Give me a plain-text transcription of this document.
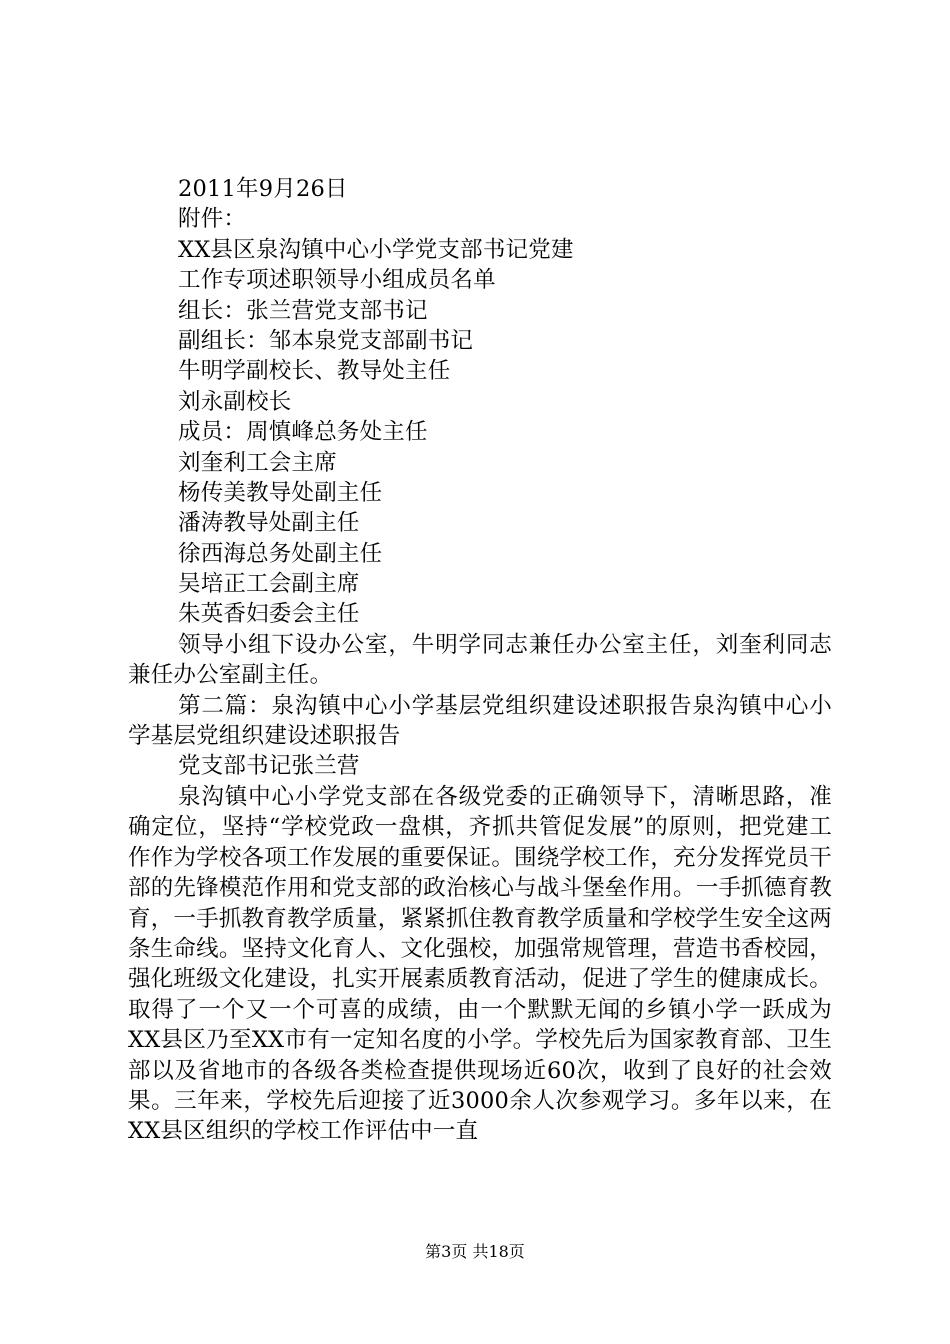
2011年9月26日
附件：
XX县区泉沟镇中心小学党支部书记党建
工作专项述职领导小组成员名单
组长：张兰营党支部书记
副组长：邹本泉党支部副书记
牛明学副校长、教导处主任
刘永副校长
成员：周慎峰总务处主任
刘奎利工会主席
杨传美教导处副主任
潘涛教导处副主任
徐西海总务处副主任
吴培正工会副主席
朱英香妇委会主任
领导小组下设办公室，牛明学同志兼任办公室主任，刘奎利同志兼任办公室副主任。
第二篇：泉沟镇中心小学基层党组织建设述职报告泉沟镇中心小学基层党组织建设述职报告
党支部书记张兰营
泉沟镇中心小学党支部在各级党委的正确领导下，清晰思路，准确定位，坚持“学校党政一盘棋，齐抓共管促发展”的原则，把党建工作作为学校各项工作发展的重要保证。围绕学校工作，充分发挥党员干部的先锋模范作用和党支部的政治核心与战斗堡垒作用。一手抓德育教育，一手抓教育教学质量，紧紧抓住教育教学质量和学校学生安全这两条生命线。坚持文化育人、文化强校，加强常规管理，营造书香校园，强化班级文化建设，扎实开展素质教育活动，促进了学生的健康成长。取得了一个又一个可喜的成绩，由一个默默无闻的乡镇小学一跃成为XX县区乃至XX市有一定知名度的小学。学校先后为国家教育部、卫生部以及省地市的各级各类检查提供现场近60次，收到了良好的社会效果。三年来，学校先后迎接了近3000余人次参观学习。多年以来，在XX县区组织的学校工作评估中一直
第3页 共18页
